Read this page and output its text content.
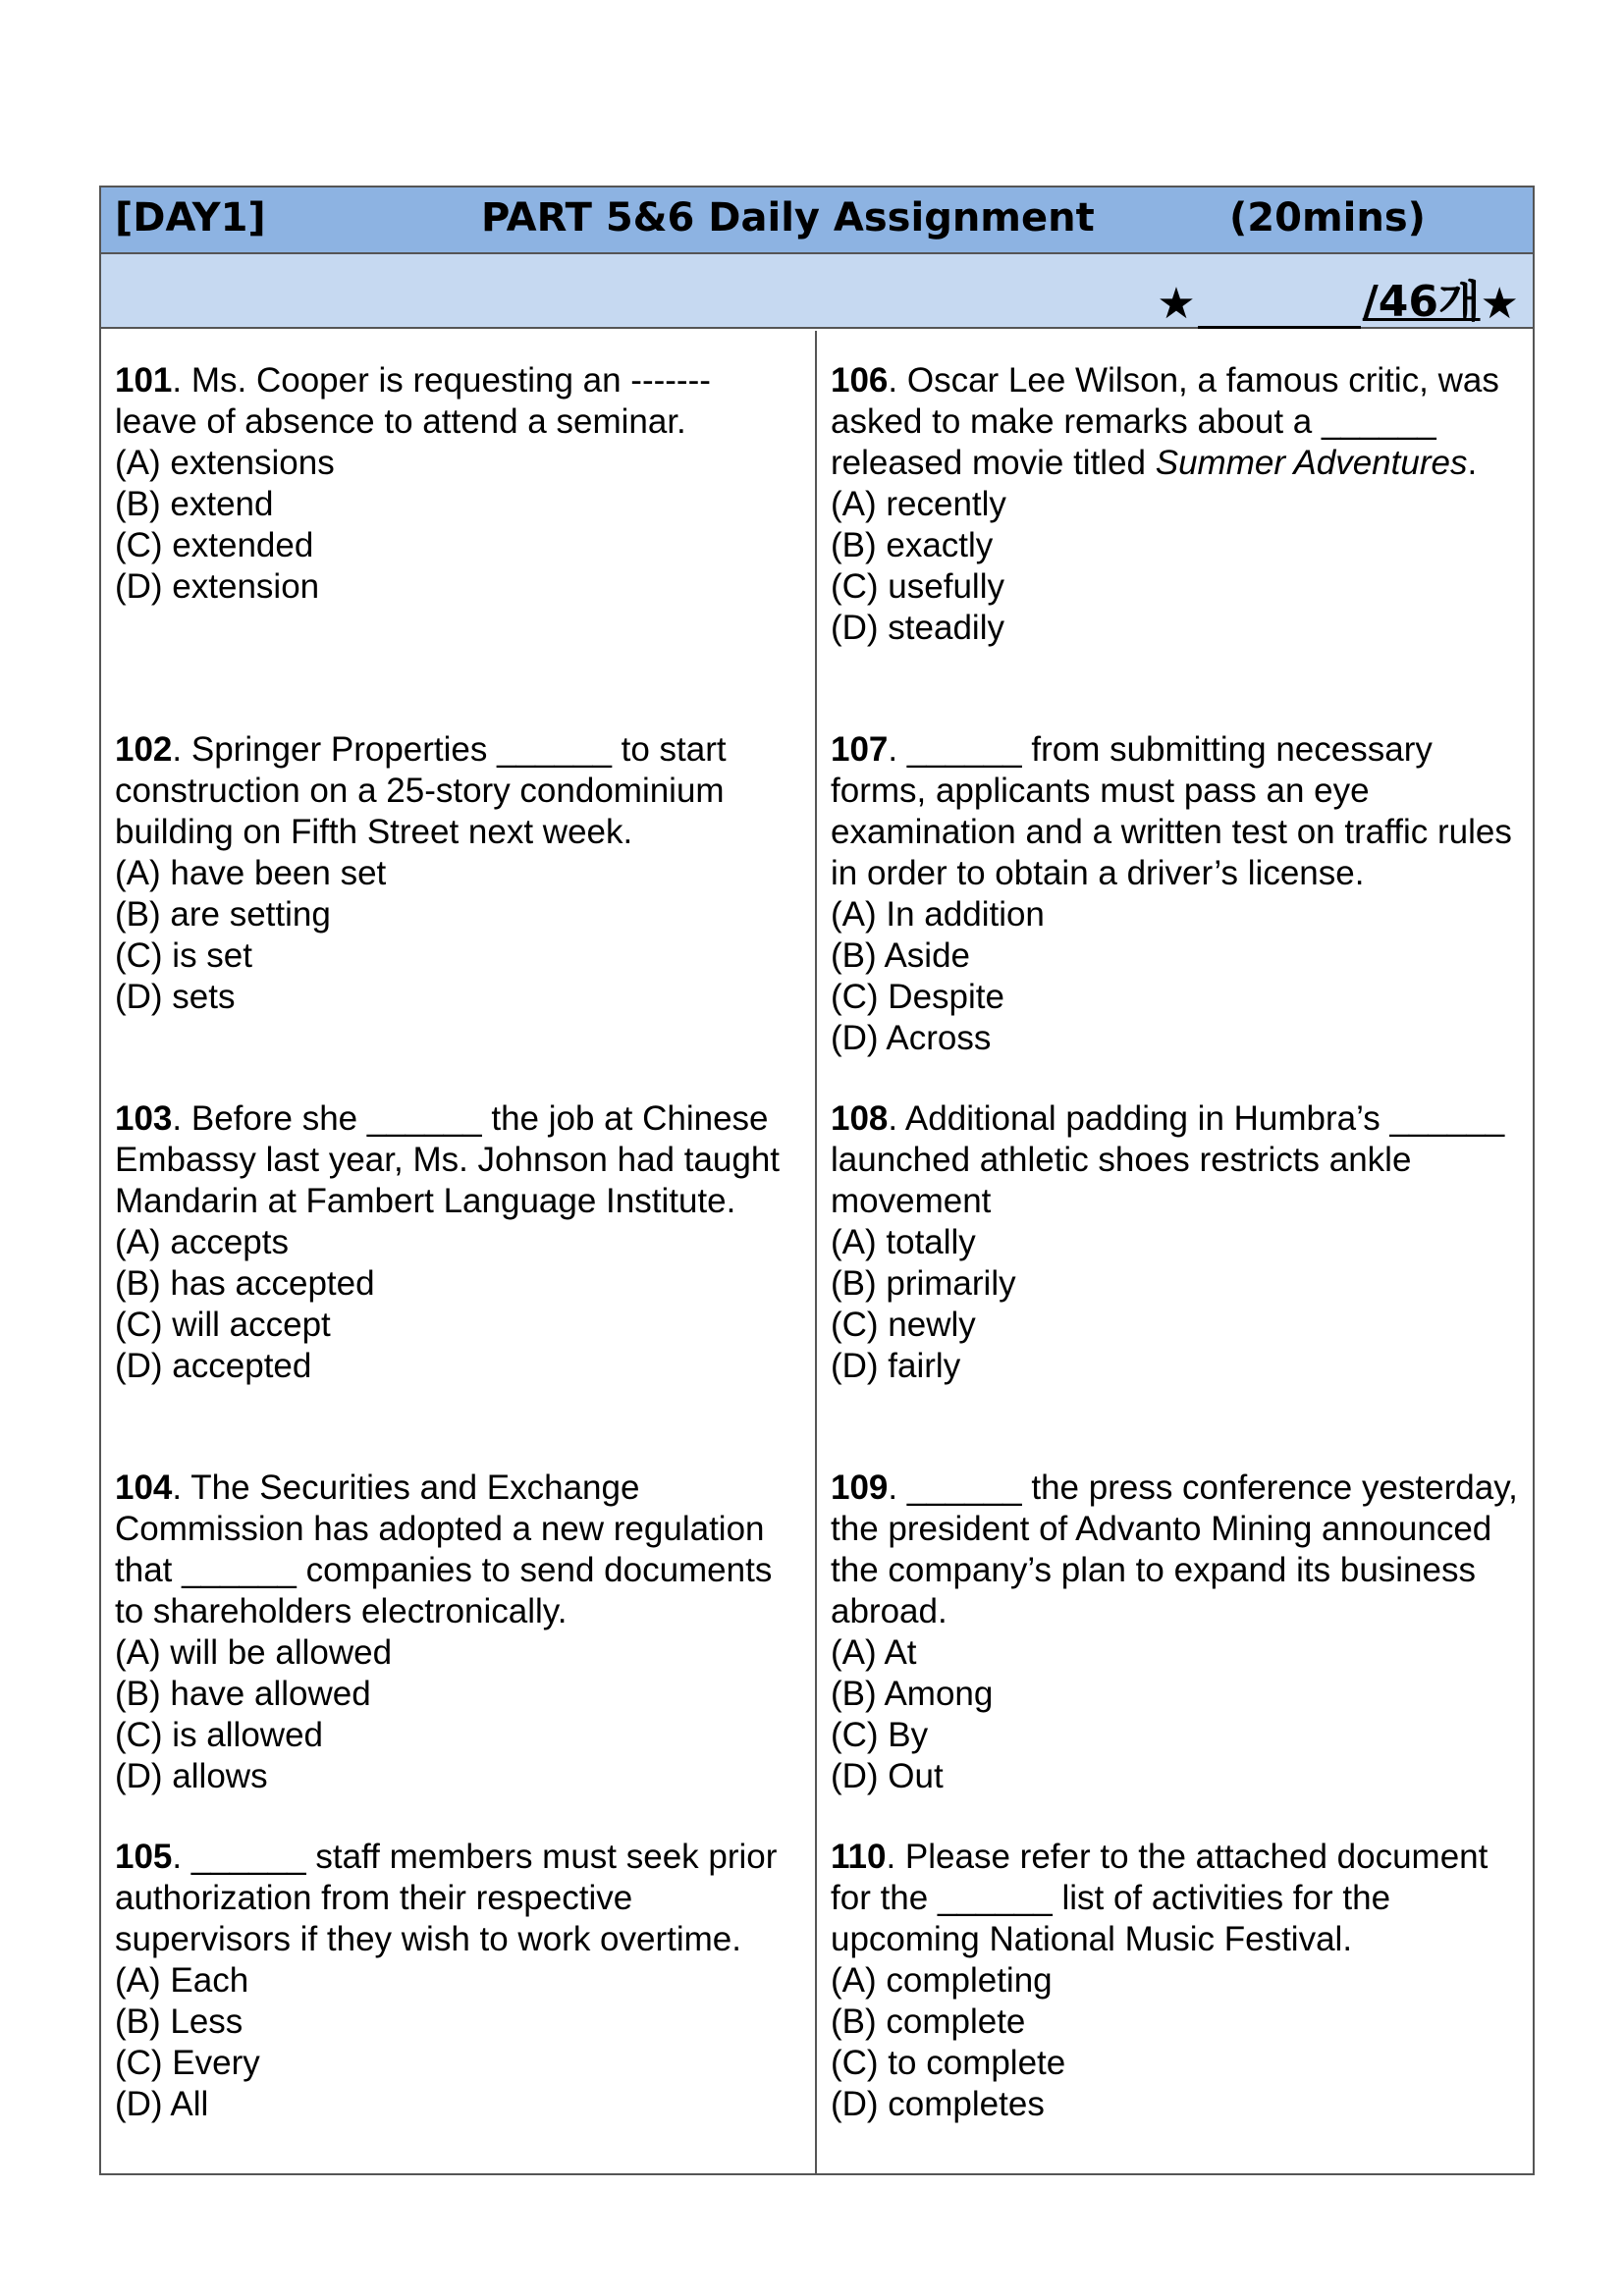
[DAY1]	PART 5&6 Daily Assignment	(20mins)
★	/46개 ★
101. Ms. Cooper is requesting an ------- leave of absence to attend a seminar.
(A) extensions
(B) extend
(C) extended
(D) extension
102. Springer Properties ______ to start construction on a 25-story condominium building on Fifth Street next week.
(A) have been set
(B) are setting
(C) is set
(D) sets
103. Before she ______ the job at Chinese Embassy last year, Ms. Johnson had taught Mandarin at Fambert Language Institute.
(A) accepts
(B) has accepted
(C) will accept
(D) accepted
104. The Securities and Exchange Commission has adopted a new regulation that ______ companies to send documents to shareholders electronically.
(A) will be allowed
(B) have allowed
(C) is allowed
(D) allows
105. ______ staff members must seek prior authorization from their respective supervisors if they wish to work overtime.
(A) Each
(B) Less
(C) Every
(D) All
106. Oscar Lee Wilson, a famous critic, was asked to make remarks about a ______ released movie titled Summer Adventures.
(A) recently
(B) exactly
(C) usefully
(D) steadily
107. ______ from submitting necessary forms, applicants must pass an eye examination and a written test on traffic rules in order to obtain a driver’s license.
(A) In addition
(B) Aside
(C) Despite
(D) Across
108. Additional padding in Humbra’s ______ launched athletic shoes restricts ankle movement
(A) totally
(B) primarily
(C) newly
(D) fairly
109. ______ the press conference yesterday, the president of Advanto Mining announced the company’s plan to expand its business abroad.
(A) At
(B) Among
(C) By
(D) Out
110. Please refer to the attached document for the ______ list of activities for the upcoming National Music Festival.
(A) completing
(B) complete
(C) to complete
(D) completes
